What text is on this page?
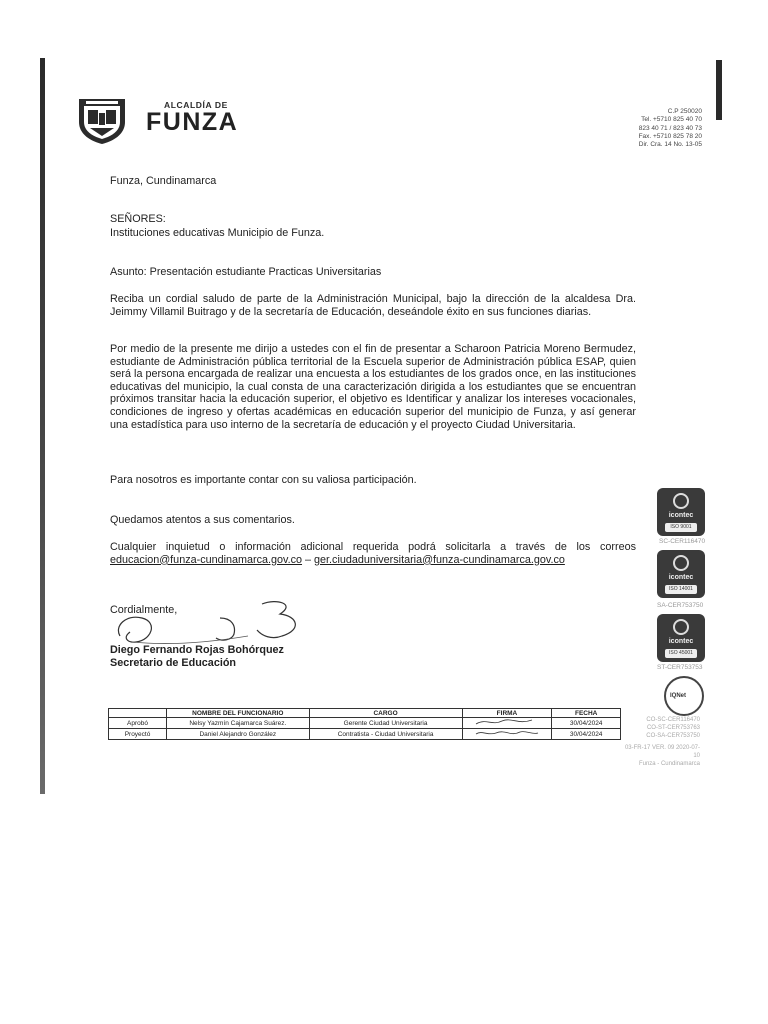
ALCALDÍA DE
FUNZA	C.P 250020
Tel. +5710 825 40 70
823 40 71 / 823 40 73
Fax. +5710 825 78 20
Dir. Cra. 14 No. 13-05
Funza, Cundinamarca
SEÑORES:
Instituciones educativas Municipio de Funza.
Asunto: Presentación estudiante Practicas Universitarias
Reciba un cordial saludo de parte de la Administración Municipal, bajo la dirección de la alcaldesa Dra. Jeimmy Villamil Buitrago y de la secretaría de Educación, deseándole éxito en sus funciones diarias.
Por medio de la presente me dirijo a ustedes con el fin de presentar a Scharoon Patricia Moreno Bermudez, estudiante de Administración pública territorial de la Escuela superior de Administración pública ESAP, quien será la persona encargada de realizar una encuesta a los estudiantes de los grados once, en las instituciones educativas del municipio, la cual consta de una caracterización dirigida a los estudiantes que se encuentran próximos transitar hacia la educación superior, el objetivo es Identificar y analizar los intereses vocacionales, condiciones de ingreso y ofertas académicas en educación superior del municipio de Funza, y así generar una estadística para uso interno de la secretaría de educación y el proyecto Ciudad Universitaria.
Para nosotros es importante contar con su valiosa participación.
Quedamos atentos a sus comentarios.
Cualquier inquietud o información adicional requerida podrá solicitarla a través de los correos educacion@funza-cundinamarca.gov.co – ger.ciudaduniversitaria@funza-cundinamarca.gov.co
Cordialmente,
Diego Fernando Rojas Bohórquez
Secretario de Educación
	NOMBRE DEL FUNCIONARIO	CARGO	FIRMA	FECHA
Aprobó	Nelsy Yazmín Cajamarca Suárez.	Gerente Ciudad Universitaria		30/04/2024
Proyectó	Daniel Alejandro González	Contratista - Ciudad Universitaria		30/04/2024
icontec
ISO 9001
SC-CER116470
icontec
ISO 14001
SA-CER753750
icontec
ISO 45001
ST-CER753753
IQNet
CO-SC-CER116470
CO-ST-CER753763
CO-SA-CER753750
03-FR-17 VER. 09 2020-07-10
Funza - Cundinamarca
